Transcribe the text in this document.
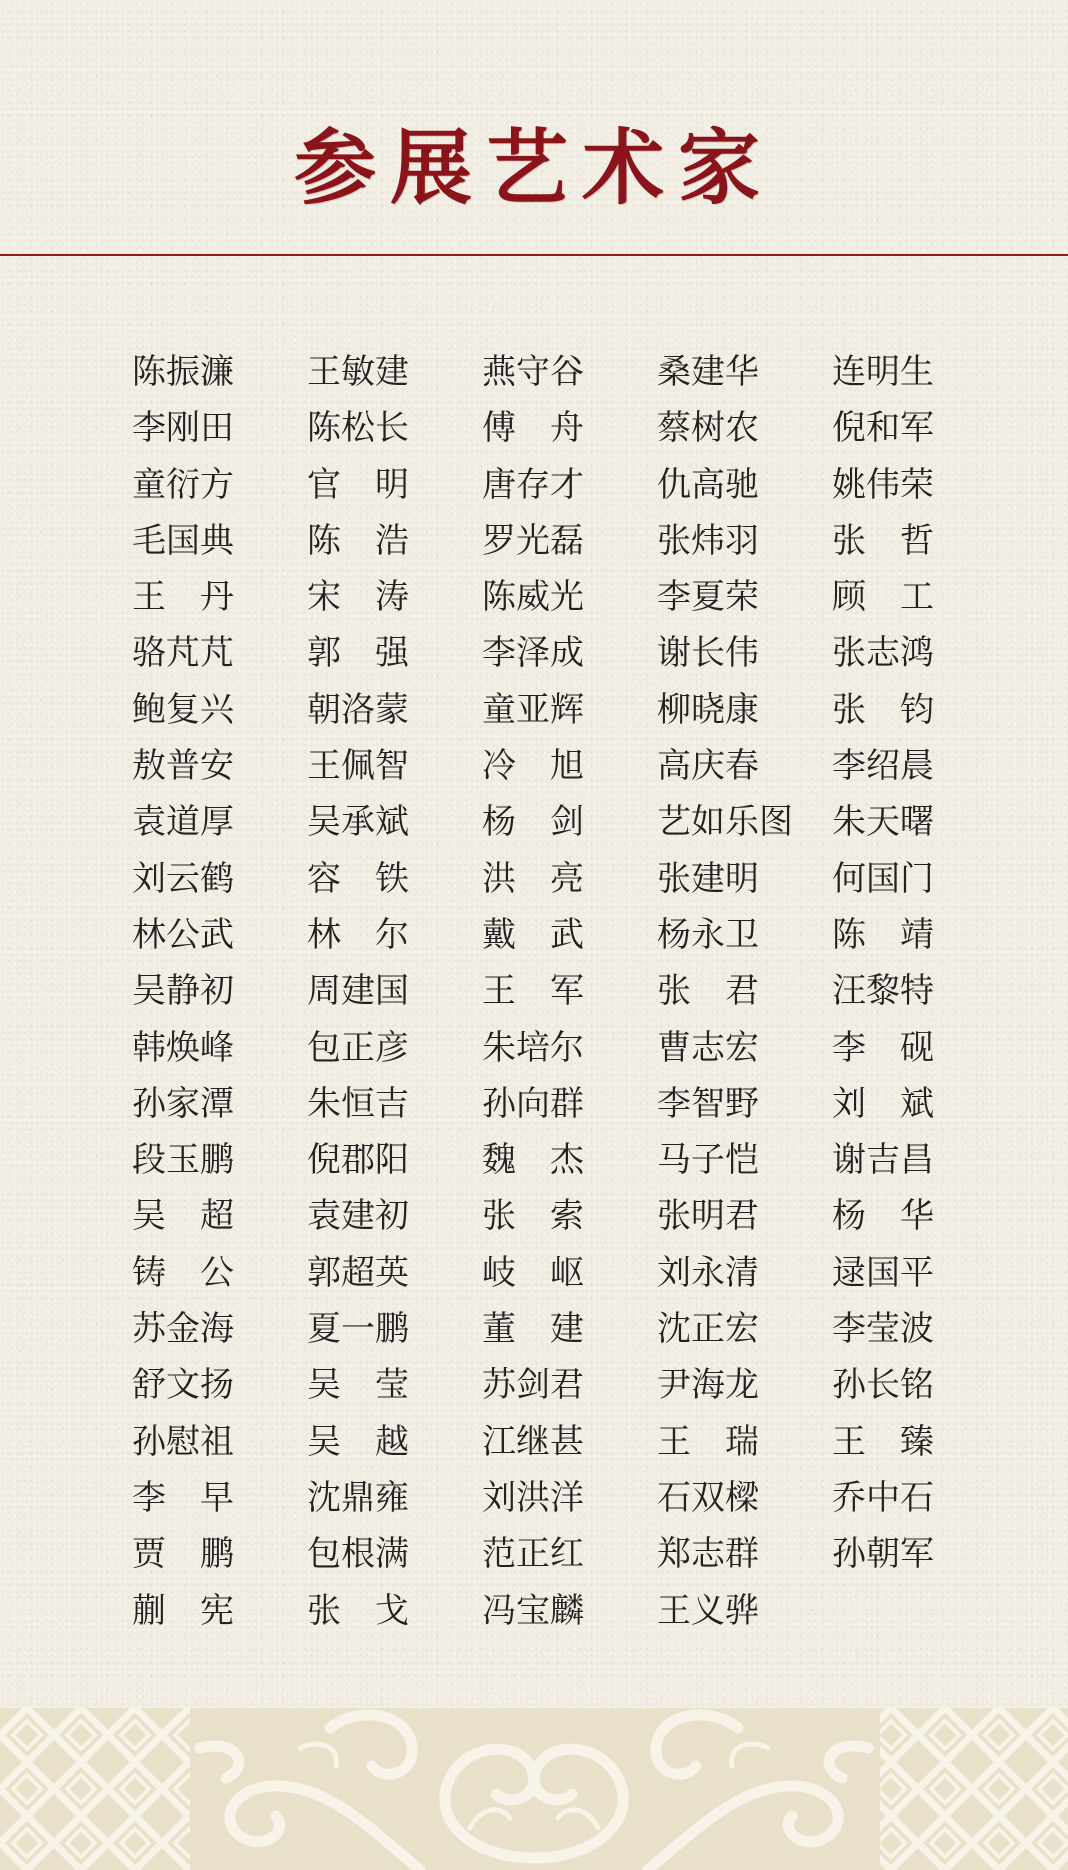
参展艺术家
陈振濂	王敏建	燕守谷	桑建华	连明生
李刚田	陈松长	傅　舟	蔡树农	倪和军
童衍方	官　明	唐存才	仇高驰	姚伟荣
毛国典	陈　浩	罗光磊	张炜羽	张　哲
王　丹	宋　涛	陈威光	李夏荣	顾　工
骆芃芃	郭　强	李泽成	谢长伟	张志鸿
鲍复兴	朝洛蒙	童亚辉	柳晓康	张　钧
敖普安	王佩智	冷　旭	高庆春	李绍晨
袁道厚	吴承斌	杨　剑	艺如乐图	朱天曙
刘云鹤	容　铁	洪　亮	张建明	何国门
林公武	林　尔	戴　武	杨永卫	陈　靖
吴静初	周建国	王　军	张　君	汪黎特
韩焕峰	包正彦	朱培尔	曹志宏	李　砚
孙家潭	朱恒吉	孙向群	李智野	刘　斌
段玉鹏	倪郡阳	魏　杰	马子恺	谢吉昌
吴　超	袁建初	张　索	张明君	杨　华
铸　公	郭超英	岐　岖	刘永清	逯国平
苏金海	夏一鹏	董　建	沈正宏	李莹波
舒文扬	吴　莹	苏剑君	尹海龙	孙长铭
孙慰祖	吴　越	江继甚	王　瑞	王　臻
李　早	沈鼎雍	刘洪洋	石双樑	乔中石
贾　鹏	包根满	范正红	郑志群	孙朝军
蒯　宪	张　戈	冯宝麟	王义骅
